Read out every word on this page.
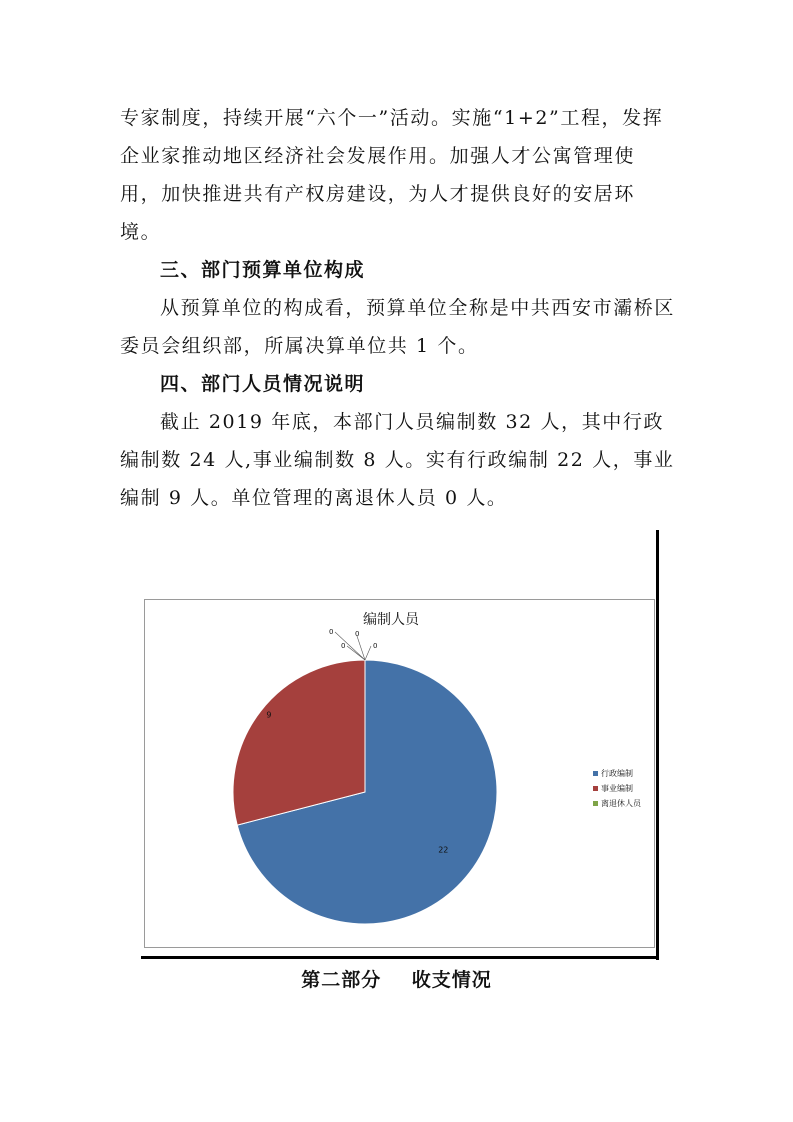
专家制度，持续开展“六个一”活动。实施“1+2”工程，发挥企业家推动地区经济社会发展作用。加强人才公寓管理使用，加快推进共有产权房建设，为人才提供良好的安居环境。

三、部门预算单位构成

从预算单位的构成看，预算单位全称是中共西安市灞桥区委员会组织部，所属决算单位共 1 个。

四、部门人员情况说明

截止 2019 年底，本部门人员编制数 32 人，其中行政编制数 24 人,事业编制数 8 人。实有行政编制 22 人，事业编制 9 人。单位管理的离退休人员 0 人。

编制人员
22
9
0
0
0
0
行政编制
事业编制
离退休人员

第二部分    收支情况
